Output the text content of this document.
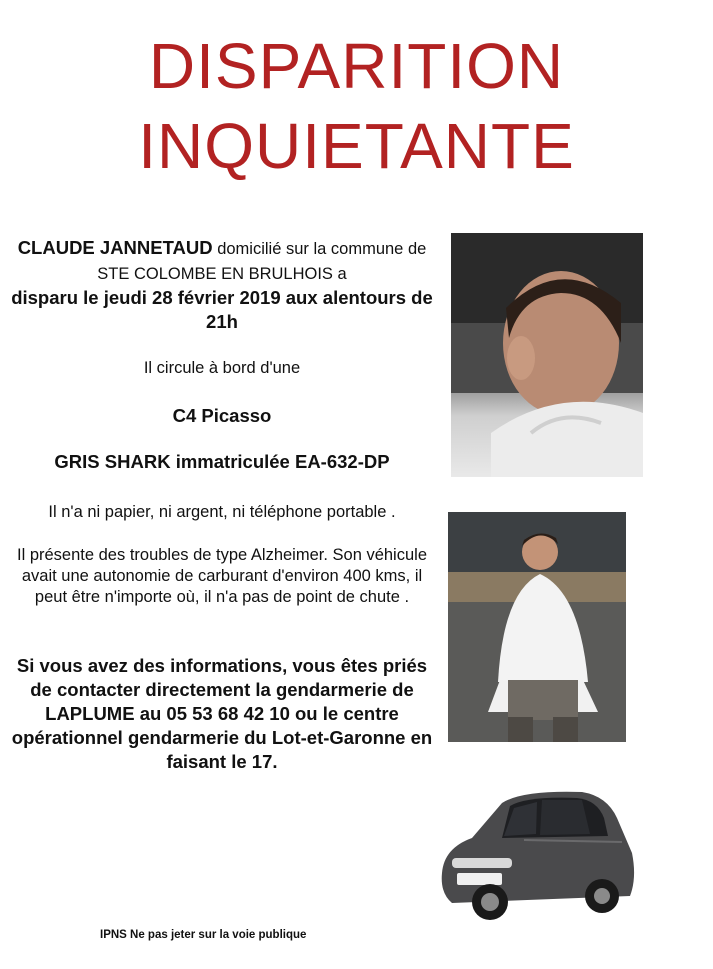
DISPARITION
INQUIETANTE

CLAUDE JANNETAUD domicilié sur la commune de STE COLOMBE EN BRULHOIS a

disparu le jeudi 28 février 2019 aux alentours de 21h

Il circule à bord d'une

C4 Picasso
GRIS SHARK immatriculée EA-632-DP
Il n'a ni papier, ni argent, ni téléphone portable .
Il présente des troubles de type Alzheimer. Son véhicule avait une autonomie de carburant d'environ 400 kms, il peut être n'importe où, il n'a pas de point de chute .
Si vous avez des informations, vous êtes priés de contacter directement la gendarmerie de LAPLUME au 05 53 68 42 10 ou le centre opérationnel gendarmerie du Lot-et-Garonne en faisant le 17.
IPNS Ne pas jeter sur la voie publique
